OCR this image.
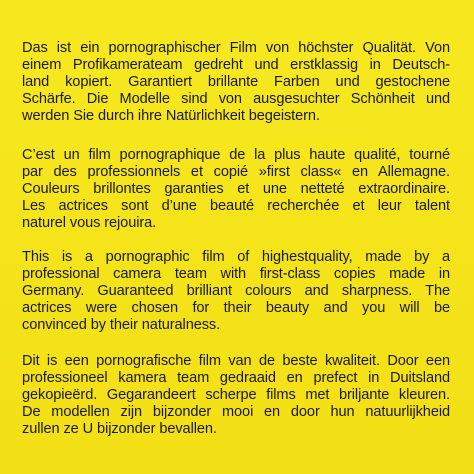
Das ist ein pornographischer Film von höchster Qualität. Von
einem Profikamerateam gedreht und erstklassig in Deutsch-
land kopiert. Garantiert brillante Farben und gestochene
Schärfe. Die Modelle sind von ausgesuchter Schönheit und
werden Sie durch ihre Natürlichkeit begeistern.
C’est un film pornographique de la plus haute qualité, tourné
par des professionnels et copié »first class« en Allemagne.
Couleurs brillontes garanties et une netteté extraordinaire.
Les actrices sont d’une beauté recherchée et leur talent
naturel vous rejouira.
This is a pornographic film of highestquality, made by a
professional camera team with first-class copies made in
Germany. Guaranteed brilliant colours and sharpness. The
actrices were chosen for their beauty and you will be
convinced by their naturalness.
Dit is een pornografische film van de beste kwaliteit. Door een
professioneel kamera team gedraaid en prefect in Duitsland
gekopieërd. Gegarandeert scherpe films met briljante kleuren.
De modellen zijn bijzonder mooi en door hun natuurlijkheid
zullen ze U bijzonder bevallen.
